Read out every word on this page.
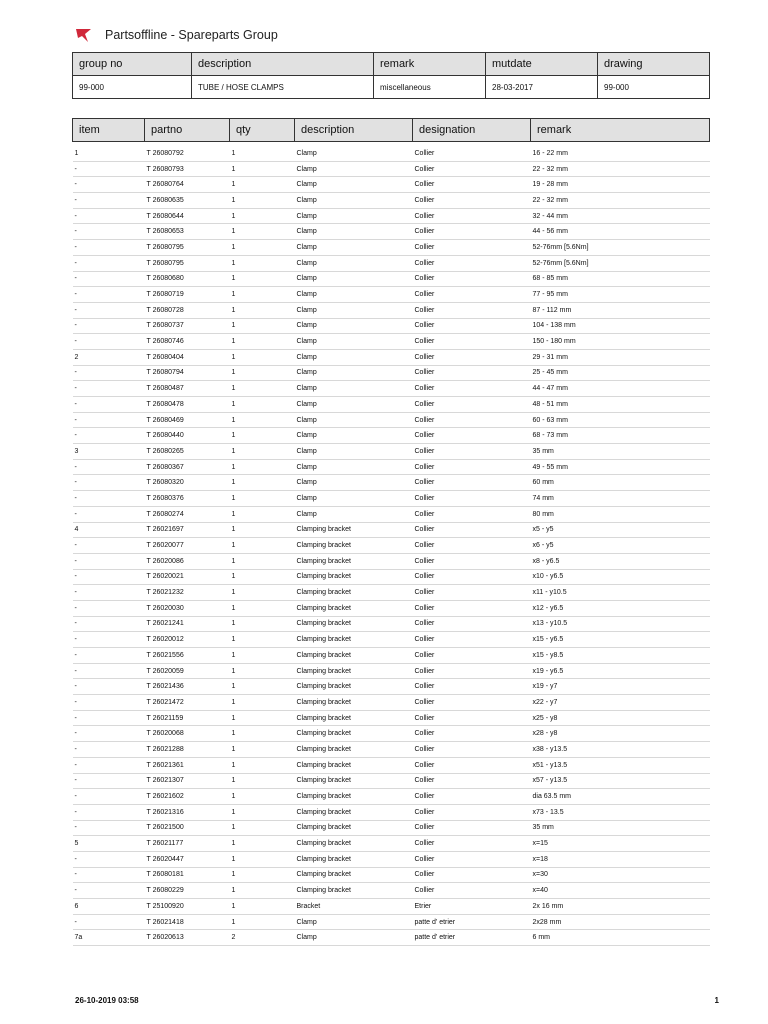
Partsoffline - Spareparts Group
group no	description	remark	mutdate	drawing
99-000	TUBE / HOSE CLAMPS	miscellaneous	28-03-2017	99-000
item	partno	qty	description	designation	remark
1	T 26080792	1	Clamp	Collier	16 - 22 mm
-	T 26080793	1	Clamp	Collier	22 - 32 mm
-	T 26080764	1	Clamp	Collier	19 - 28 mm
-	T 26080635	1	Clamp	Collier	22 - 32 mm
-	T 26080644	1	Clamp	Collier	32 - 44 mm
-	T 26080653	1	Clamp	Collier	44 - 56 mm
-	T 26080795	1	Clamp	Collier	52-76mm [5.6Nm]
-	T 26080795	1	Clamp	Collier	52-76mm [5.6Nm]
-	T 26080680	1	Clamp	Collier	68 - 85 mm
-	T 26080719	1	Clamp	Collier	77 - 95 mm
-	T 26080728	1	Clamp	Collier	87 - 112 mm
-	T 26080737	1	Clamp	Collier	104 - 138 mm
-	T 26080746	1	Clamp	Collier	150 - 180 mm
2	T 26080404	1	Clamp	Collier	29 - 31 mm
-	T 26080794	1	Clamp	Collier	25 - 45 mm
-	T 26080487	1	Clamp	Collier	44 - 47 mm
-	T 26080478	1	Clamp	Collier	48 - 51 mm
-	T 26080469	1	Clamp	Collier	60 - 63 mm
-	T 26080440	1	Clamp	Collier	68 - 73 mm
3	T 26080265	1	Clamp	Collier	35 mm
-	T 26080367	1	Clamp	Collier	49 - 55 mm
-	T 26080320	1	Clamp	Collier	60 mm
-	T 26080376	1	Clamp	Collier	74 mm
-	T 26080274	1	Clamp	Collier	80 mm
4	T 26021697	1	Clamping bracket	Collier	x5 - y5
-	T 26020077	1	Clamping bracket	Collier	x6 - y5
-	T 26020086	1	Clamping bracket	Collier	x8 - y6.5
-	T 26020021	1	Clamping bracket	Collier	x10 - y6.5
-	T 26021232	1	Clamping bracket	Collier	x11 - y10.5
-	T 26020030	1	Clamping bracket	Collier	x12 - y6.5
-	T 26021241	1	Clamping bracket	Collier	x13 - y10.5
-	T 26020012	1	Clamping bracket	Collier	x15 - y6.5
-	T 26021556	1	Clamping bracket	Collier	x15 - y8.5
-	T 26020059	1	Clamping bracket	Collier	x19 - y6.5
-	T 26021436	1	Clamping bracket	Collier	x19 - y7
-	T 26021472	1	Clamping bracket	Collier	x22 - y7
-	T 26021159	1	Clamping bracket	Collier	x25 - y8
-	T 26020068	1	Clamping bracket	Collier	x28 - y8
-	T 26021288	1	Clamping bracket	Collier	x38 - y13.5
-	T 26021361	1	Clamping bracket	Collier	x51 - y13.5
-	T 26021307	1	Clamping bracket	Collier	x57 - y13.5
-	T 26021602	1	Clamping bracket	Collier	dia 63.5 mm
-	T 26021316	1	Clamping bracket	Collier	x73 - 13.5
-	T 26021500	1	Clamping bracket	Collier	35 mm
5	T 26021177	1	Clamping bracket	Collier	x=15
-	T 26020447	1	Clamping bracket	Collier	x=18
-	T 26080181	1	Clamping bracket	Collier	x=30
-	T 26080229	1	Clamping bracket	Collier	x=40
6	T 25100920	1	Bracket	Etrier	2x 16 mm
-	T 26021418	1	Clamp	patte d' etrier	2x28 mm
7a	T 26020613	2	Clamp	patte d' etrier	6 mm
26-10-2019 03:58	1
